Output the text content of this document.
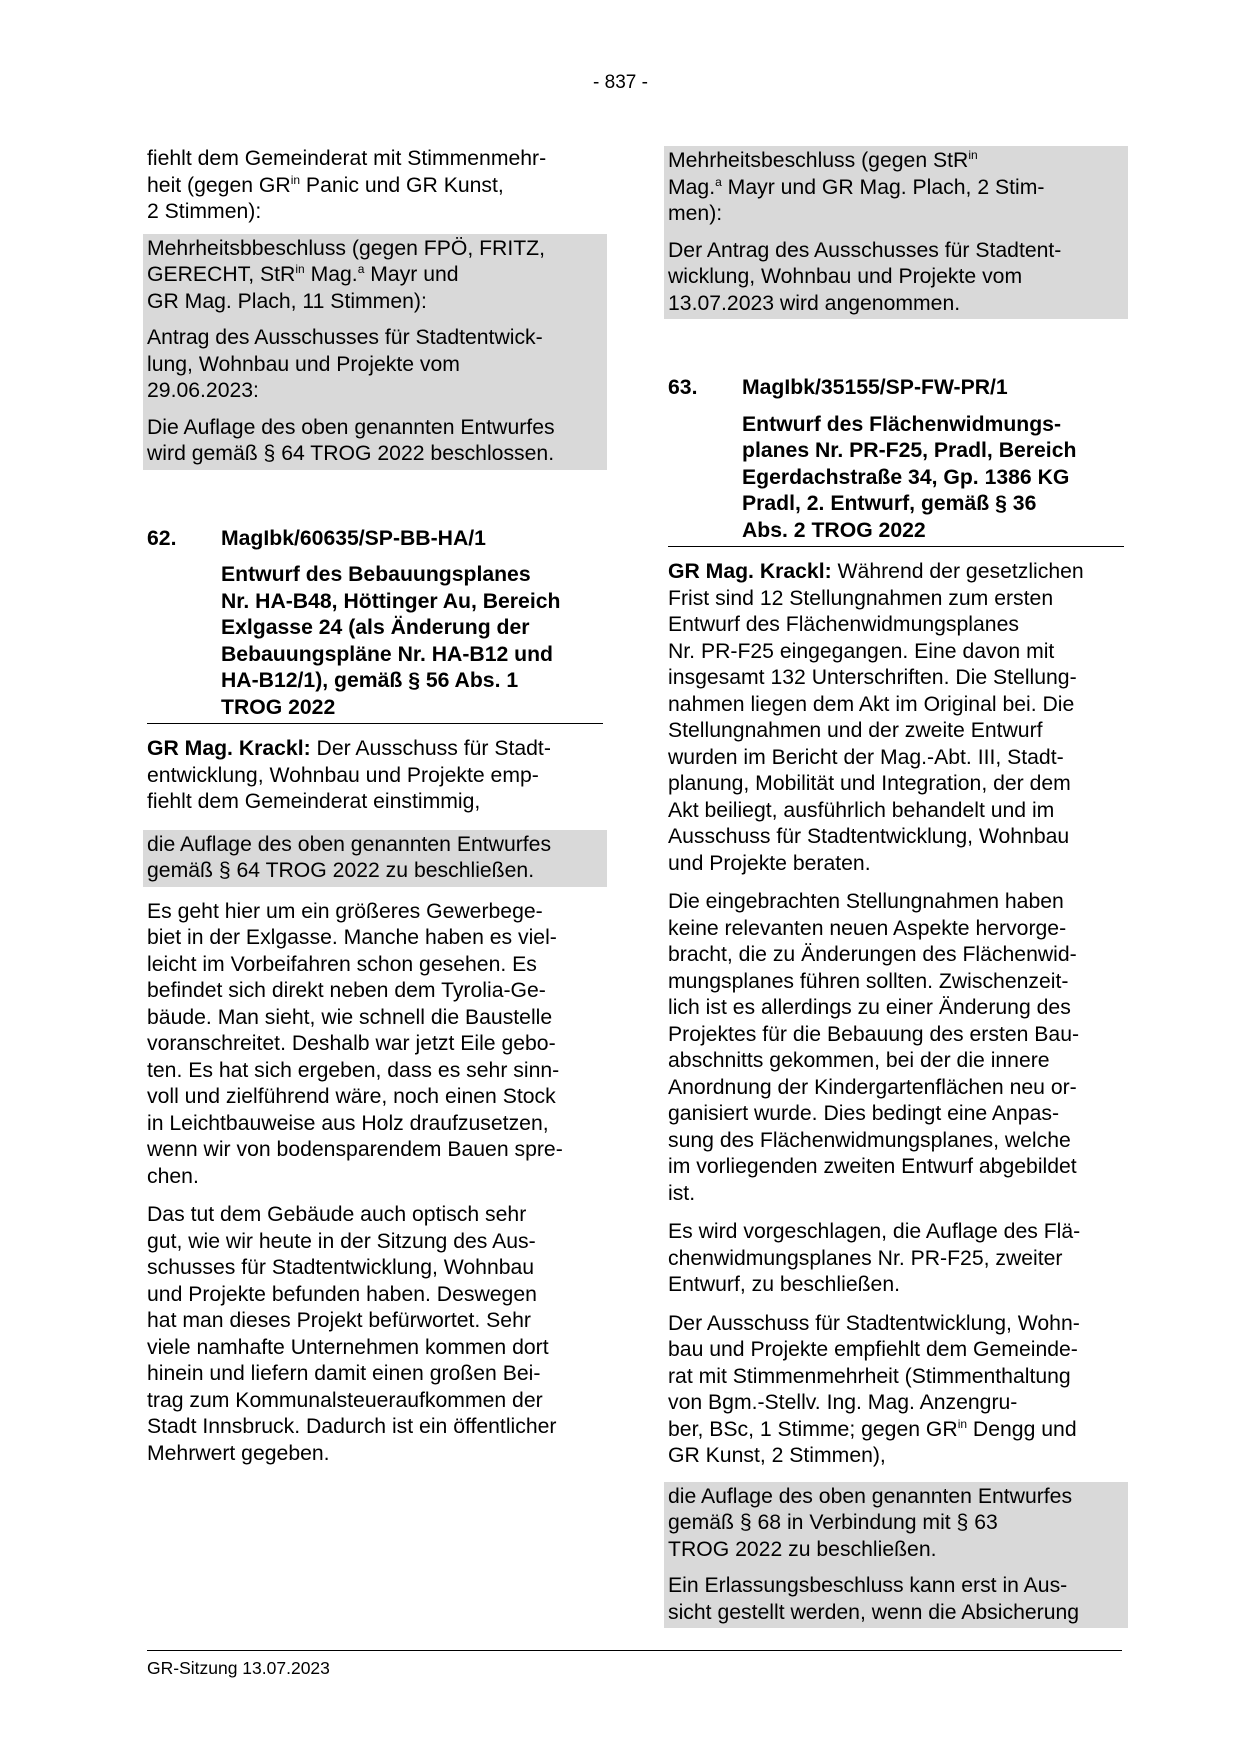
- 837 -

fiehlt dem Gemeinderat mit Stimmenmehr-
heit (gegen $GR^{in}$ Panic und GR Kunst,
2 Stimmen):

Mehrheitsbbeschluss (gegen FPÖ, FRITZ,
GERECHT, StR$^{in}$ Mag.$^a$ Mayr und
GR Mag. Plach, 11 Stimmen):

Antrag des Ausschusses für Stadtentwick-
lung, Wohnbau und Projekte vom
29.06.2023:

Die Auflage des oben genannten Entwurfes
wird gemäß § 64 TROG 2022 beschlossen.

62.	MagIbk/60635/SP-BB-HA/1
Entwurf des Bebauungsplanes
Nr. HA-B48, Höttinger Au, Bereich
Exlgasse 24 (als Änderung der
Bebauungspläne Nr. HA-B12 und
HA-B12/1), gemäß § 56 Abs. 1
TROG 2022

GR Mag. Krackl: Der Ausschuss für Stadt-
entwicklung, Wohnbau und Projekte emp-
fiehlt dem Gemeinderat einstimmig,

die Auflage des oben genannten Entwurfes
gemäß § 64 TROG 2022 zu beschließen.

Es geht hier um ein größeres Gewerbege-
biet in der Exlgasse. Manche haben es viel-
leicht im Vorbeifahren schon gesehen. Es
befindet sich direkt neben dem Tyrolia-Ge-
bäude. Man sieht, wie schnell die Baustelle
voranschreitet. Deshalb war jetzt Eile gebo-
ten. Es hat sich ergeben, dass es sehr sinn-
voll und zielführend wäre, noch einen Stock
in Leichtbauweise aus Holz draufzusetzen,
wenn wir von bodensparendem Bauen spre-
chen.

Das tut dem Gebäude auch optisch sehr
gut, wie wir heute in der Sitzung des Aus-
schusses für Stadtentwicklung, Wohnbau
und Projekte befunden haben. Deswegen
hat man dieses Projekt befürwortet. Sehr
viele namhafte Unternehmen kommen dort
hinein und liefern damit einen großen Bei-
trag zum Kommunalsteueraufkommen der
Stadt Innsbruck. Dadurch ist ein öffentlicher
Mehrwert gegeben.

Mehrheitsbeschluss (gegen StR$^{in}$
Mag.$^a$ Mayr und GR Mag. Plach, 2 Stim-
men):

Der Antrag des Ausschusses für Stadtent-
wicklung, Wohnbau und Projekte vom
13.07.2023 wird angenommen.

63.	MagIbk/35155/SP-FW-PR/1
Entwurf des Flächenwidmungs-
planes Nr. PR-F25, Pradl, Bereich
Egerdachstraße 34, Gp. 1386 KG
Pradl, 2. Entwurf, gemäß § 36
Abs. 2 TROG 2022

GR Mag. Krackl: Während der gesetzlichen
Frist sind 12 Stellungnahmen zum ersten
Entwurf des Flächenwidmungsplanes
Nr. PR-F25 eingegangen. Eine davon mit
insgesamt 132 Unterschriften. Die Stellung-
nahmen liegen dem Akt im Original bei. Die
Stellungnahmen und der zweite Entwurf
wurden im Bericht der Mag.-Abt. III, Stadt-
planung, Mobilität und Integration, der dem
Akt beiliegt, ausführlich behandelt und im
Ausschuss für Stadtentwicklung, Wohnbau
und Projekte beraten.

Die eingebrachten Stellungnahmen haben
keine relevanten neuen Aspekte hervorge-
bracht, die zu Änderungen des Flächenwid-
mungsplanes führen sollten. Zwischenzeit-
lich ist es allerdings zu einer Änderung des
Projektes für die Bebauung des ersten Bau-
abschnitts gekommen, bei der die innere
Anordnung der Kindergartenflächen neu or-
ganisiert wurde. Dies bedingt eine Anpas-
sung des Flächenwidmungsplanes, welche
im vorliegenden zweiten Entwurf abgebildet
ist.

Es wird vorgeschlagen, die Auflage des Flä-
chenwidmungsplanes Nr. PR-F25, zweiter
Entwurf, zu beschließen.

Der Ausschuss für Stadtentwicklung, Wohn-
bau und Projekte empfiehlt dem Gemeinde-
rat mit Stimmenmehrheit (Stimmenthaltung
von Bgm.-Stellv. Ing. Mag. Anzengru-
ber, BSc, 1 Stimme; gegen $GR^{in}$ Dengg und
GR Kunst, 2 Stimmen),

die Auflage des oben genannten Entwurfes
gemäß § 68 in Verbindung mit § 63
TROG 2022 zu beschließen.

Ein Erlassungsbeschluss kann erst in Aus-
sicht gestellt werden, wenn die Absicherung

GR-Sitzung 13.07.2023
